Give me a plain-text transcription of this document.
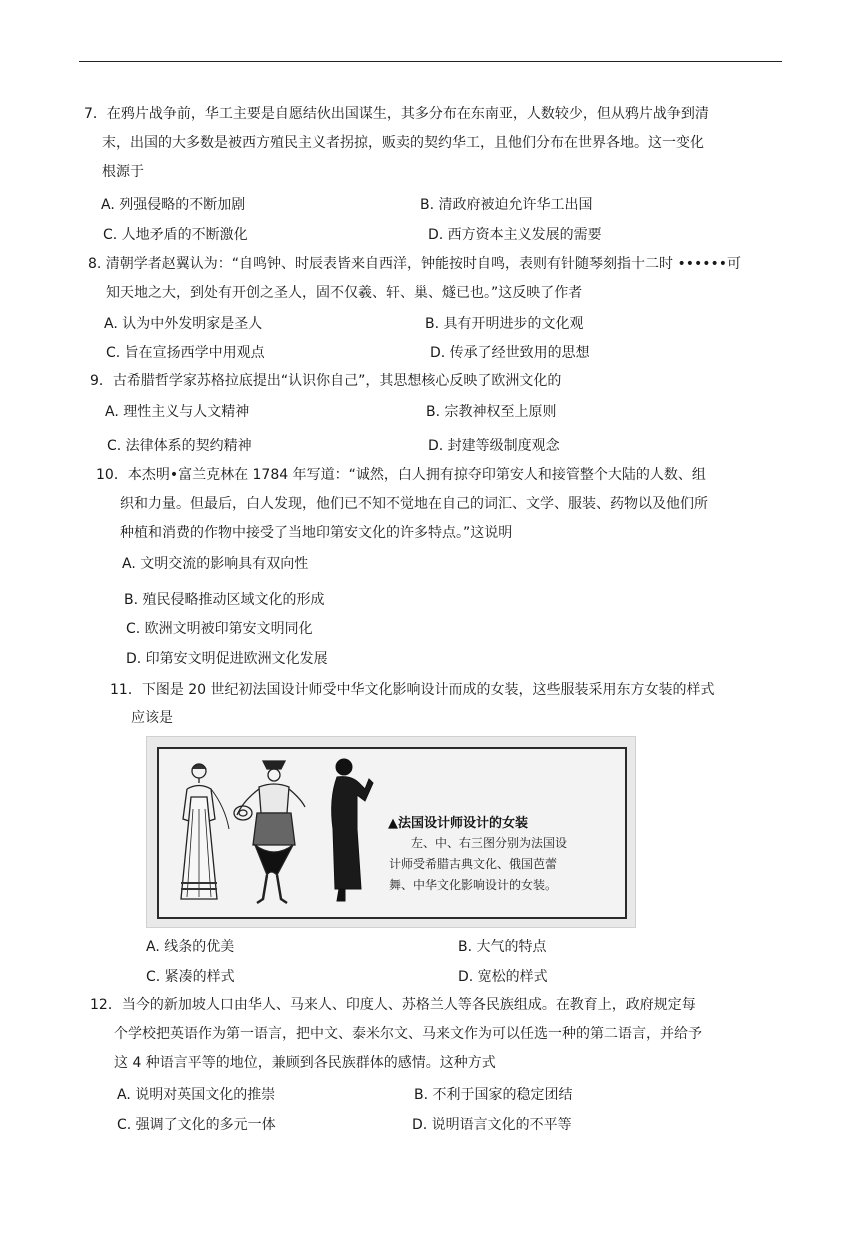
7．在鸦片战争前，华工主要是自愿结伙出国谋生，其多分布在东南亚，人数较少，但从鸦片战争到清
末，出国的大多数是被西方殖民主义者拐掠，贩卖的契约华工，且他们分布在世界各地。这一变化
根源于
A. 列强侵略的不断加剧	B. 清政府被迫允许华工出国
C. 人地矛盾的不断激化	D. 西方资本主义发展的需要
8. 清朝学者赵翼认为：“自鸣钟、时辰表皆来自西洋，钟能按时自鸣，表则有针随琴刻指十二时 ••••••可
知天地之大，到处有开创之圣人，固不仅羲、轩、巢、燧已也。”这反映了作者
A. 认为中外发明家是圣人	B. 具有开明进步的文化观
C. 旨在宣扬西学中用观点	D. 传承了经世致用的思想
9．古希腊哲学家苏格拉底提出“认识你自己”，其思想核心反映了欧洲文化的
A. 理性主义与人文精神	B. 宗教神权至上原则
C. 法律体系的契约精神	D. 封建等级制度观念
10．本杰明•富兰克林在 1784 年写道：“诚然，白人拥有掠夺印第安人和接管整个大陆的人数、组
织和力量。但最后，白人发现，他们已不知不觉地在自己的词汇、文学、服装、药物以及他们所
种植和消费的作物中接受了当地印第安文化的许多特点。”这说明
A. 文明交流的影响具有双向性
B. 殖民侵略推动区域文化的形成
C. 欧洲文明被印第安文明同化
D. 印第安文明促进欧洲文化发展
11．下图是 20 世纪初法国设计师受中华文化影响设计而成的女装，这些服装采用东方女装的样式
应该是
▲法国设计师设计的女装
左、中、右三图分别为法国设
计师受希腊古典文化、俄国芭蕾
舞、中华文化影响设计的女装。
A. 线条的优美	B. 大气的特点
C. 紧凑的样式	D. 宽松的样式
12．当今的新加坡人口由华人、马来人、印度人、苏格兰人等各民族组成。在教育上，政府规定每
个学校把英语作为第一语言，把中文、泰米尔文、马来文作为可以任选一种的第二语言，并给予
这 4 种语言平等的地位，兼顾到各民族群体的感情。这种方式
A. 说明对英国文化的推崇	B. 不利于国家的稳定团结
C. 强调了文化的多元一体	D. 说明语言文化的不平等
